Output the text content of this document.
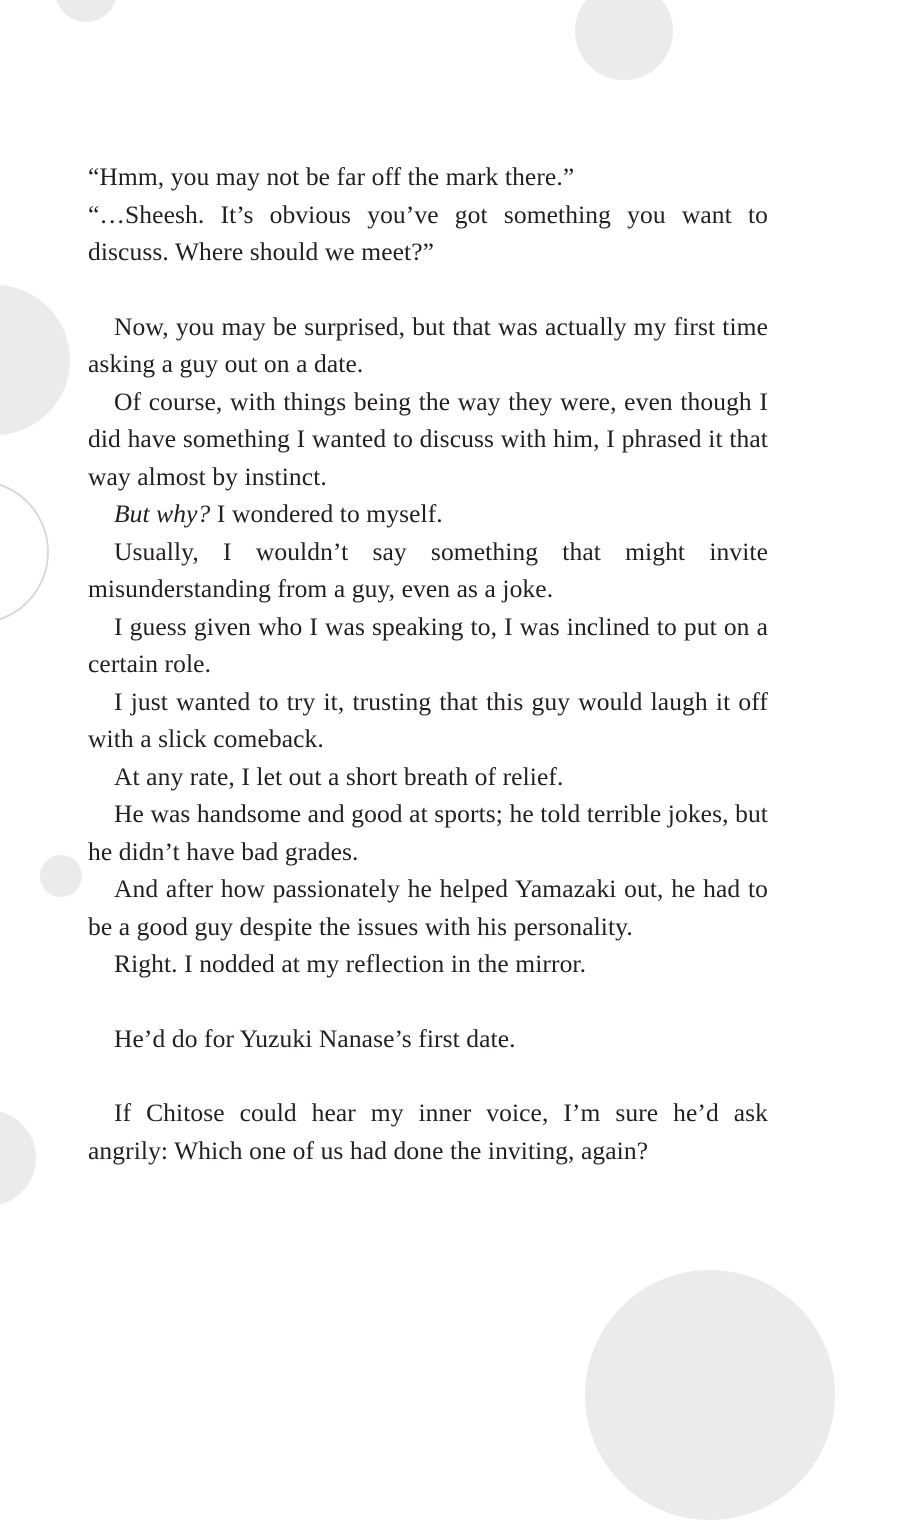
“Hmm, you may not be far off the mark there.”

“…Sheesh. It’s obvious you’ve got something you want to discuss. Where should we meet?”

Now, you may be surprised, but that was actually my first time asking a guy out on a date.

Of course, with things being the way they were, even though I did have something I wanted to discuss with him, I phrased it that way almost by instinct.

But why? I wondered to myself.

Usually, I wouldn’t say something that might invite misunderstanding from a guy, even as a joke.

I guess given who I was speaking to, I was inclined to put on a certain role.

I just wanted to try it, trusting that this guy would laugh it off with a slick comeback.

At any rate, I let out a short breath of relief.

He was handsome and good at sports; he told terrible jokes, but he didn’t have bad grades.

And after how passionately he helped Yamazaki out, he had to be a good guy despite the issues with his personality.

Right. I nodded at my reflection in the mirror.

He’d do for Yuzuki Nanase’s first date.

If Chitose could hear my inner voice, I’m sure he’d ask angrily: Which one of us had done the inviting, again?
